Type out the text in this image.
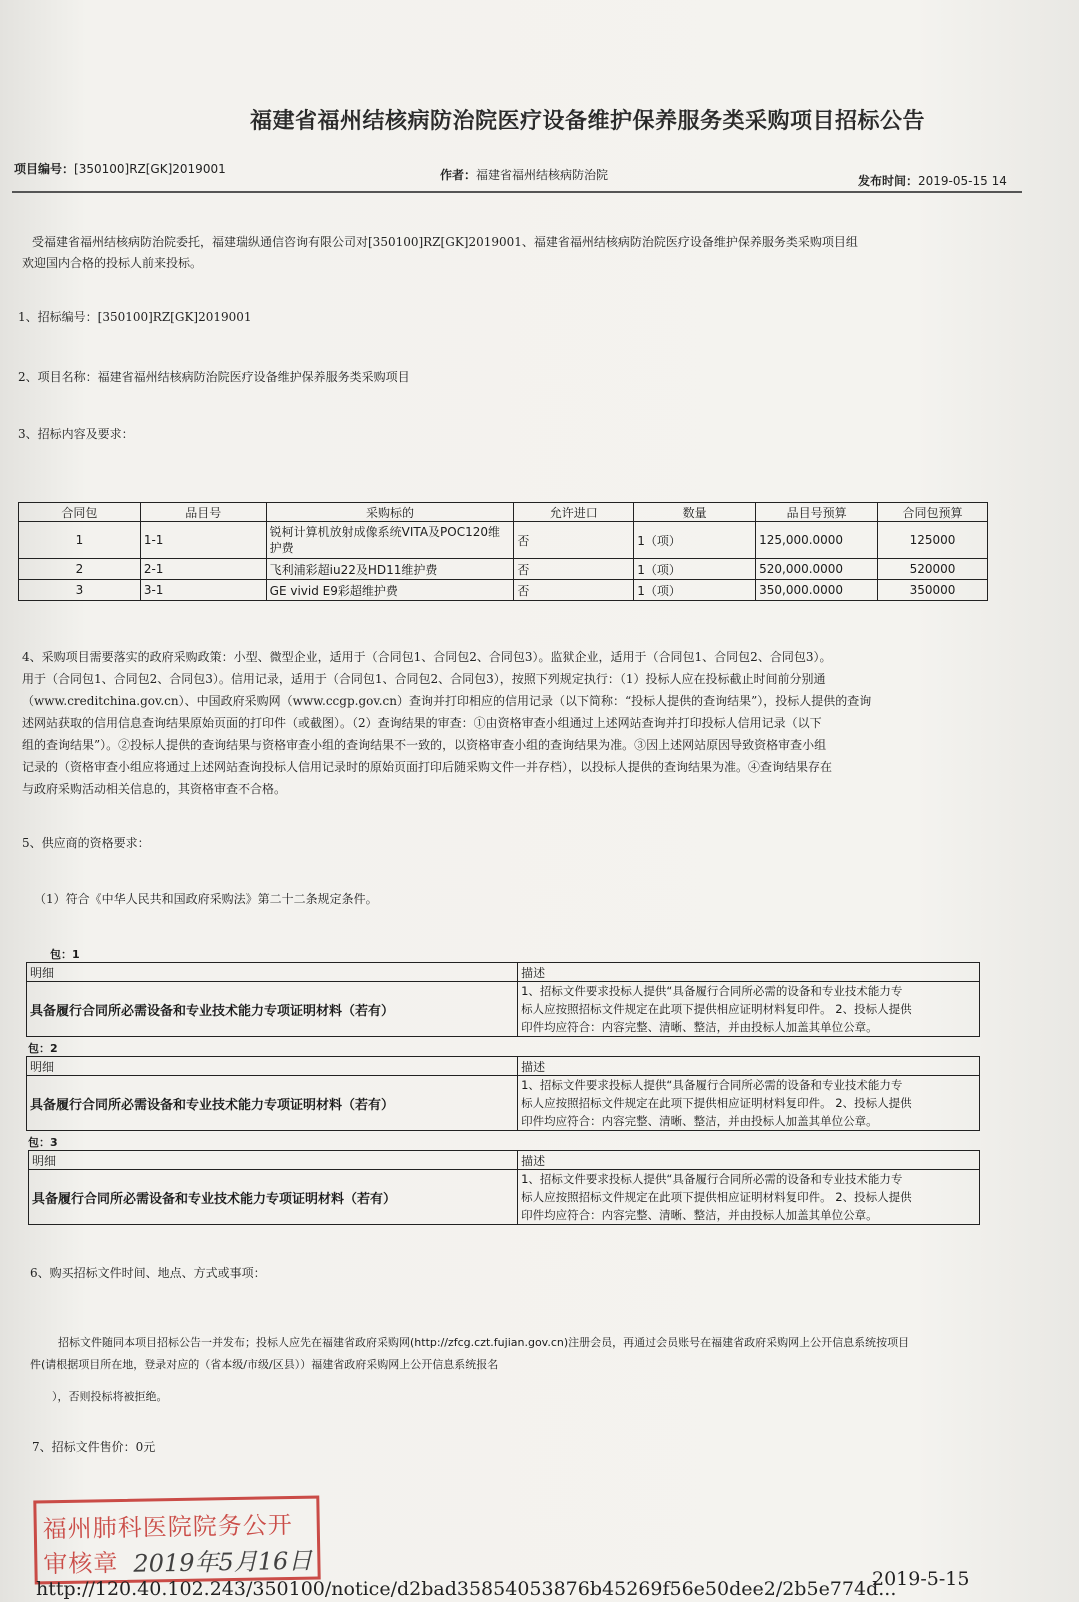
福建省福州结核病防治院医疗设备维护保养服务类采购项目招标公告
项目编号：[350100]RZ[GK]2019001	作者：福建省福州结核病防治院	发布时间：2019-05-15 14
受福建省福州结核病防治院委托，福建瑞纵通信咨询有限公司对[350100]RZ[GK]2019001、福建省福州结核病防治院医疗设备维护保养服务类采购项目组
欢迎国内合格的投标人前来投标。
1、招标编号：[350100]RZ[GK]2019001
2、项目名称：福建省福州结核病防治院医疗设备维护保养服务类采购项目
3、招标内容及要求：
合同包	品目号	采购标的	允许进口	数量	品目号预算	合同包预算
1	1-1	锐柯计算机放射成像系统VITA及POC120维护费	否	1（项）	125,000.0000	125000
2	2-1	飞利浦彩超iu22及HD11维护费	否	1（项）	520,000.0000	520000
3	3-1	GE vivid E9彩超维护费	否	1（项）	350,000.0000	350000
4、采购项目需要落实的政府采购政策：小型、微型企业，适用于（合同包1、合同包2、合同包3）。监狱企业，适用于（合同包1、合同包2、合同包3）。
用于（合同包1、合同包2、合同包3）。信用记录，适用于（合同包1、合同包2、合同包3），按照下列规定执行：（1）投标人应在投标截止时间前分别通
（www.creditchina.gov.cn）、中国政府采购网（www.ccgp.gov.cn）查询并打印相应的信用记录（以下简称：“投标人提供的查询结果”），投标人提供的查询
述网站获取的信用信息查询结果原始页面的打印件（或截图）。（2）查询结果的审查：①由资格审查小组通过上述网站查询并打印投标人信用记录（以下
组的查询结果”）。②投标人提供的查询结果与资格审查小组的查询结果不一致的，以资格审查小组的查询结果为准。③因上述网站原因导致资格审查小组
记录的（资格审查小组应将通过上述网站查询投标人信用记录时的原始页面打印后随采购文件一并存档），以投标人提供的查询结果为准。④查询结果存在
与政府采购活动相关信息的，其资格审查不合格。
5、供应商的资格要求：
（1）符合《中华人民共和国政府采购法》第二十二条规定条件。
包：1
明细	描述
具备履行合同所必需设备和专业技术能力专项证明材料（若有）	1、招标文件要求投标人提供“具备履行合同所必需的设备和专业技术能力专
标人应按照招标文件规定在此项下提供相应证明材料复印件。 2、投标人提供
印件均应符合：内容完整、清晰、整洁，并由投标人加盖其单位公章。
包：2
明细	描述
具备履行合同所必需设备和专业技术能力专项证明材料（若有）	1、招标文件要求投标人提供“具备履行合同所必需的设备和专业技术能力专
标人应按照招标文件规定在此项下提供相应证明材料复印件。 2、投标人提供
印件均应符合：内容完整、清晰、整洁，并由投标人加盖其单位公章。
包：3
明细	描述
具备履行合同所必需设备和专业技术能力专项证明材料（若有）	1、招标文件要求投标人提供“具备履行合同所必需的设备和专业技术能力专
标人应按照招标文件规定在此项下提供相应证明材料复印件。 2、投标人提供
印件均应符合：内容完整、清晰、整洁，并由投标人加盖其单位公章。
6、购买招标文件时间、地点、方式或事项：
招标文件随同本项目招标公告一并发布；投标人应先在福建省政府采购网(http://zfcg.czt.fujian.gov.cn)注册会员，再通过会员账号在福建省政府采购网上公开信息系统按项目
件(请根据项目所在地，登录对应的（省本级/市级/区县））福建省政府采购网上公开信息系统报名
），否则投标将被拒绝。
7、招标文件售价：0元
福州肺科医院院务公开审核章 2019年5月16日
http://120.40.102.243/350100/notice/d2bad35854053876b45269f56e50dee2/2b5e774d...
2019-5-15
